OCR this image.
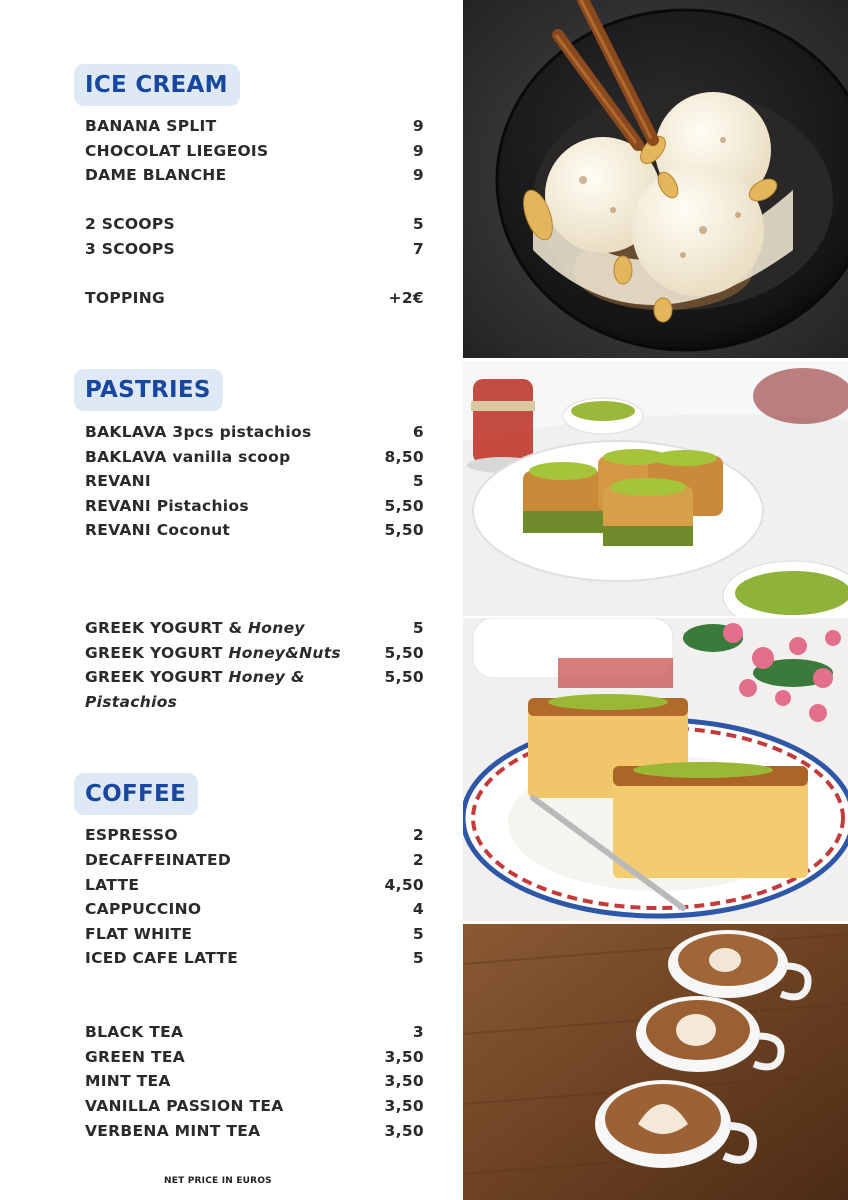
ICE CREAM
BANANA SPLIT	9
CHOCOLAT LIEGEOIS	9
DAME BLANCHE	9
2 SCOOPS	5
3 SCOOPS	7
TOPPING	+2€
PASTRIES
BAKLAVA 3pcs pistachios	6
BAKLAVA vanilla scoop	8,50
REVANI	5
REVANI Pistachios	5,50
REVANI Coconut	5,50
GREEK YOGURT & Honey	5
GREEK YOGURT Honey&Nuts	5,50
GREEK YOGURT Honey &	5,50
Pistachios
COFFEE
ESPRESSO	2
DECAFFEINATED	2
LATTE	4,50
CAPPUCCINO	4
FLAT WHITE	5
ICED CAFE LATTE	5
BLACK TEA	3
GREEN TEA	3,50
MINT TEA	3,50
VANILLA PASSION TEA	3,50
VERBENA MINT TEA	3,50
NET PRICE IN EUROS
